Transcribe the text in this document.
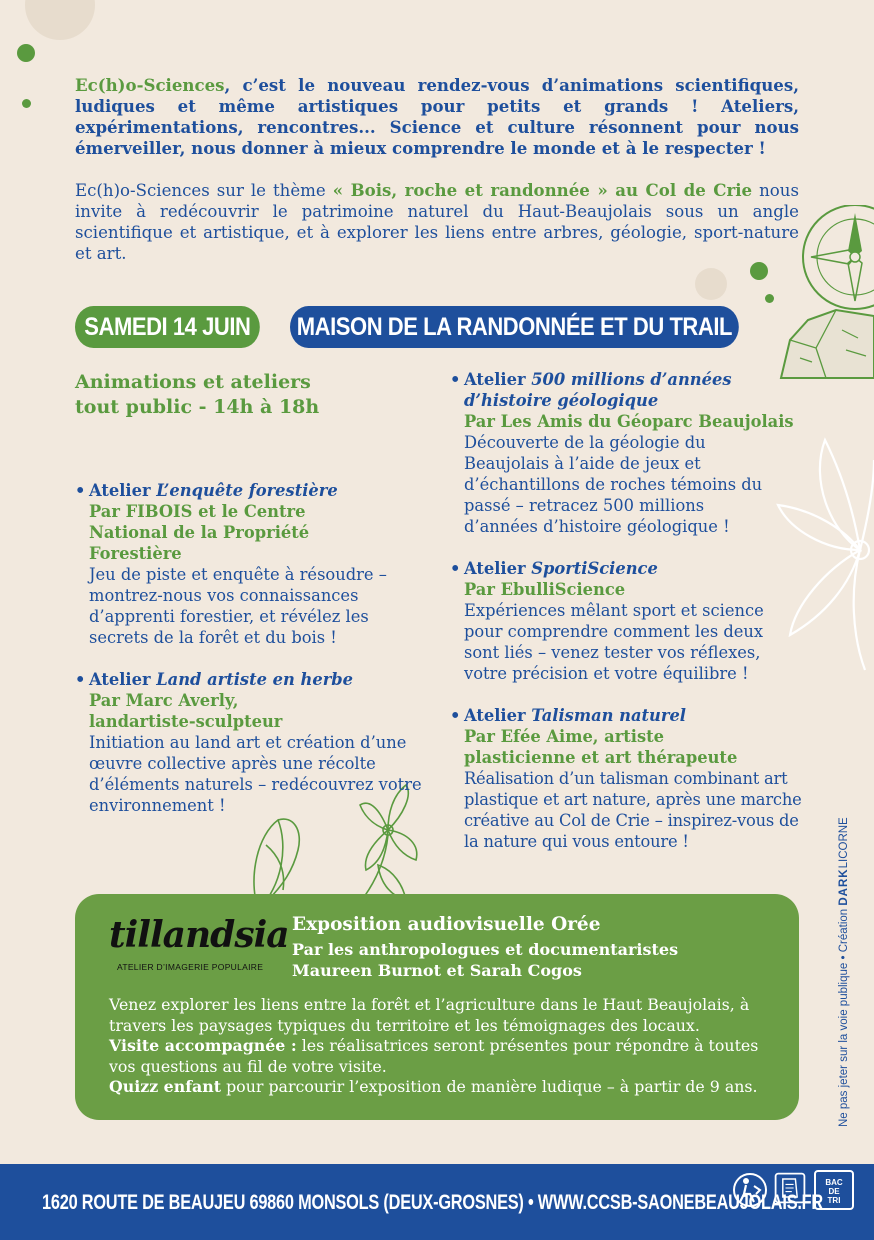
Ec(h)o-Sciences, c’est le nouveau rendez-vous d’animations scientifiques, ludiques et même artistiques pour petits et grands ! Ateliers, expérimentations, rencontres... Science et culture résonnent pour nous émerveiller, nous donner à mieux comprendre le monde et à le respecter !

Ec(h)o-Sciences sur le thème « Bois, roche et randonnée » au Col de Crie nous invite à redécouvrir le patrimoine naturel du Haut-Beaujolais sous un angle scientifique et artistique, et à explorer les liens entre arbres, géologie, sport-nature et art.

SAMEDI 14 JUIN	MAISON DE LA RANDONNÉE ET DU TRAIL
Animations et ateliers
tout public - 14h à 18h
• Atelier L’enquête forestière
Par FIBOIS et le Centre National de la Propriété Forestière
Jeu de piste et enquête à résoudre – montrez-nous vos connaissances d’apprenti forestier, et révélez les secrets de la forêt et du bois !
• Atelier Land artiste en herbe
Par Marc Averly, landartiste-sculpteur
Initiation au land art et création d’une œuvre collective après une récolte d’éléments naturels – redécouvrez votre environnement !
• Atelier 500 millions d’années d’histoire géologique
Par Les Amis du Géoparc Beaujolais
Découverte de la géologie du Beaujolais à l’aide de jeux et d’échantillons de roches témoins du passé – retracez 500 millions d’années d’histoire géologique !
• Atelier SportiScience
Par EbulliScience
Expériences mêlant sport et science pour comprendre comment les deux sont liés – venez tester vos réflexes, votre précision et votre équilibre !
• Atelier Talisman naturel
Par Efée Aime, artiste plasticienne et art thérapeute
Réalisation d’un talisman combinant art plastique et art nature, après une marche créative au Col de Crie – inspirez-vous de la nature qui vous entoure !
tillandsia
ATELIER D’IMAGERIE POPULAIRE
Exposition audiovisuelle Orée
Par les anthropologues et documentaristes
Maureen Burnot et Sarah Cogos
Venez explorer les liens entre la forêt et l’agriculture dans le Haut Beaujolais, à travers les paysages typiques du territoire et les témoignages des locaux.
Visite accompagnée : les réalisatrices seront présentes pour répondre à toutes vos questions au fil de votre visite.
Quizz enfant pour parcourir l’exposition de manière ludique – à partir de 9 ans.	Ne pas jeter sur la voie publique • Création DARKLICORNE
1620 ROUTE DE BEAUJEU 69860 MONSOLS (DEUX-GROSNES) • WWW.CCSB-SAONEBEAUJOLAIS.FR
BAC
DE
TRI
